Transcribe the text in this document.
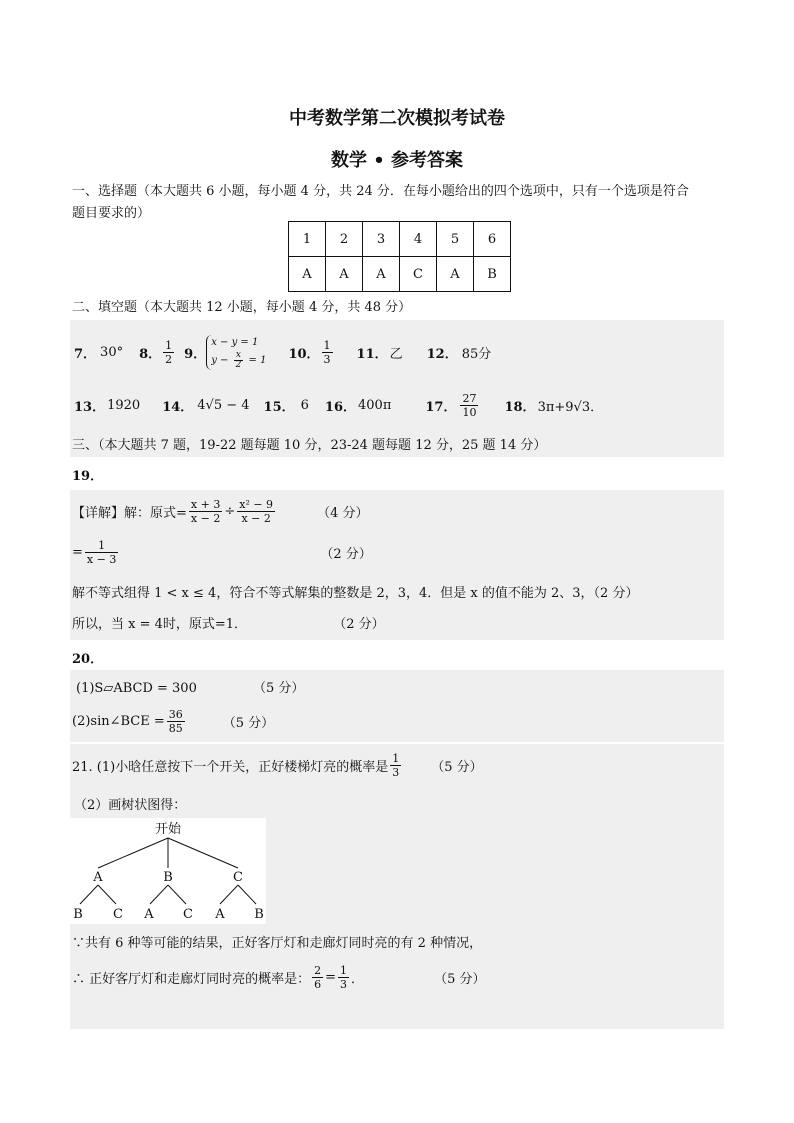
中考数学第二次模拟考试卷
数学 • 参考答案
一、选择题（本大题共 6 小题，每小题 4 分，共 24 分．在每小题给出的四个选项中，只有一个选项是符合
题目要求的）
1	2	3	4	5	6
A	A	A	C	A	B
二、填空题（本大题共 12 小题，每小题 4 分，共 48 分）
7． 30° 8． $\frac{1}{2} 9$．
x − y = 1
$y - \frac{x}{2} = 1$ 10． $\frac{1}{3} 11$． 乙 12． 85分
13． 1920 14． 4√5 − 4 15． 6 16． 400π	17． $\frac{27}{10} 18$． 3π+9√3．
三、（本大题共 7 题，19-22 题每题 10 分，23-24 题每题 12 分，25 题 14 分）
19．
【详解】解：原式= $\frac{x + 3}{x - 2} \div \frac{\text{x² − 9}}{x - 2}$	（4 分）
= $\frac{1}{x - 3}$	（2 分）
解不等式组得 1 < x ≤ 4，符合不等式解集的整数是 2，3，4．但是 x 的值不能为 2、3，（2 分）
所以，当 x = 4时，原式=1．	（2 分）
20．
(1)S▱ABCD = 300	（5 分）
(2)sin∠BCE = $\frac{36}{85}$	（5 分）
21. (1)小晗任意按下一个开关，正好楼梯灯亮的概率是 $\frac{1}{3} (5$ 分）
（2）画树状图得：
开始
A	B	C
B C A C A B
∵共有 6 种等可能的结果，正好客厅灯和走廊灯同时亮的有 2 种情况，
∴ 正好客厅灯和走廊灯同时亮的概率是： $\frac{2}{6} = \frac{1}{3}$ ．	（5 分）
